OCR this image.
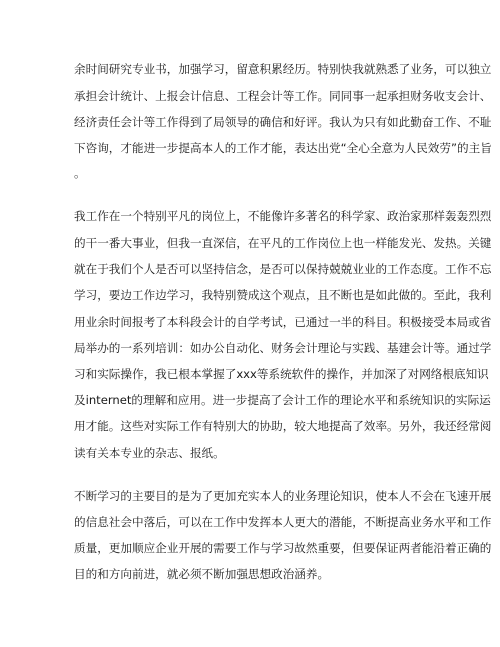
余时间研究专业书，加强学习，留意积累经历。特别快我就熟悉了业务，可以独立
承担会计统计、上报会计信息、工程会计等工作。同同事一起承担财务收支会计、
经济责任会计等工作得到了局领导的确信和好评。我认为只有如此勤奋工作、不耻
下咨询，才能进一步提高本人的工作才能，表达出党“全心全意为人民效劳”的主旨
。
我工作在一个特别平凡的岗位上，不能像许多著名的科学家、政治家那样轰轰烈烈
的干一番大事业，但我一直深信，在平凡的工作岗位上也一样能发光、发热。关键
就在于我们个人是否可以坚持信念，是否可以保持兢兢业业的工作态度。工作不忘
学习，要边工作边学习，我特别赞成这个观点，且不断也是如此做的。至此，我利
用业余时间报考了本科段会计的自学考试，已通过一半的科目。积极接受本局或省
局举办的一系列培训：如办公自动化、财务会计理论与实践、基建会计等。通过学
习和实际操作，我已根本掌握了xxx等系统软件的操作，并加深了对网络根底知识
及internet的理解和应用。进一步提高了会计工作的理论水平和系统知识的实际运
用才能。这些对实际工作有特别大的协助，较大地提高了效率。另外，我还经常阅
读有关本专业的杂志、报纸。
不断学习的主要目的是为了更加充实本人的业务理论知识，使本人不会在飞速开展
的信息社会中落后，可以在工作中发挥本人更大的潜能，不断提高业务水平和工作
质量，更加顺应企业开展的需要工作与学习故然重要，但要保证两者能沿着正确的
目的和方向前进，就必须不断加强思想政治涵养。
